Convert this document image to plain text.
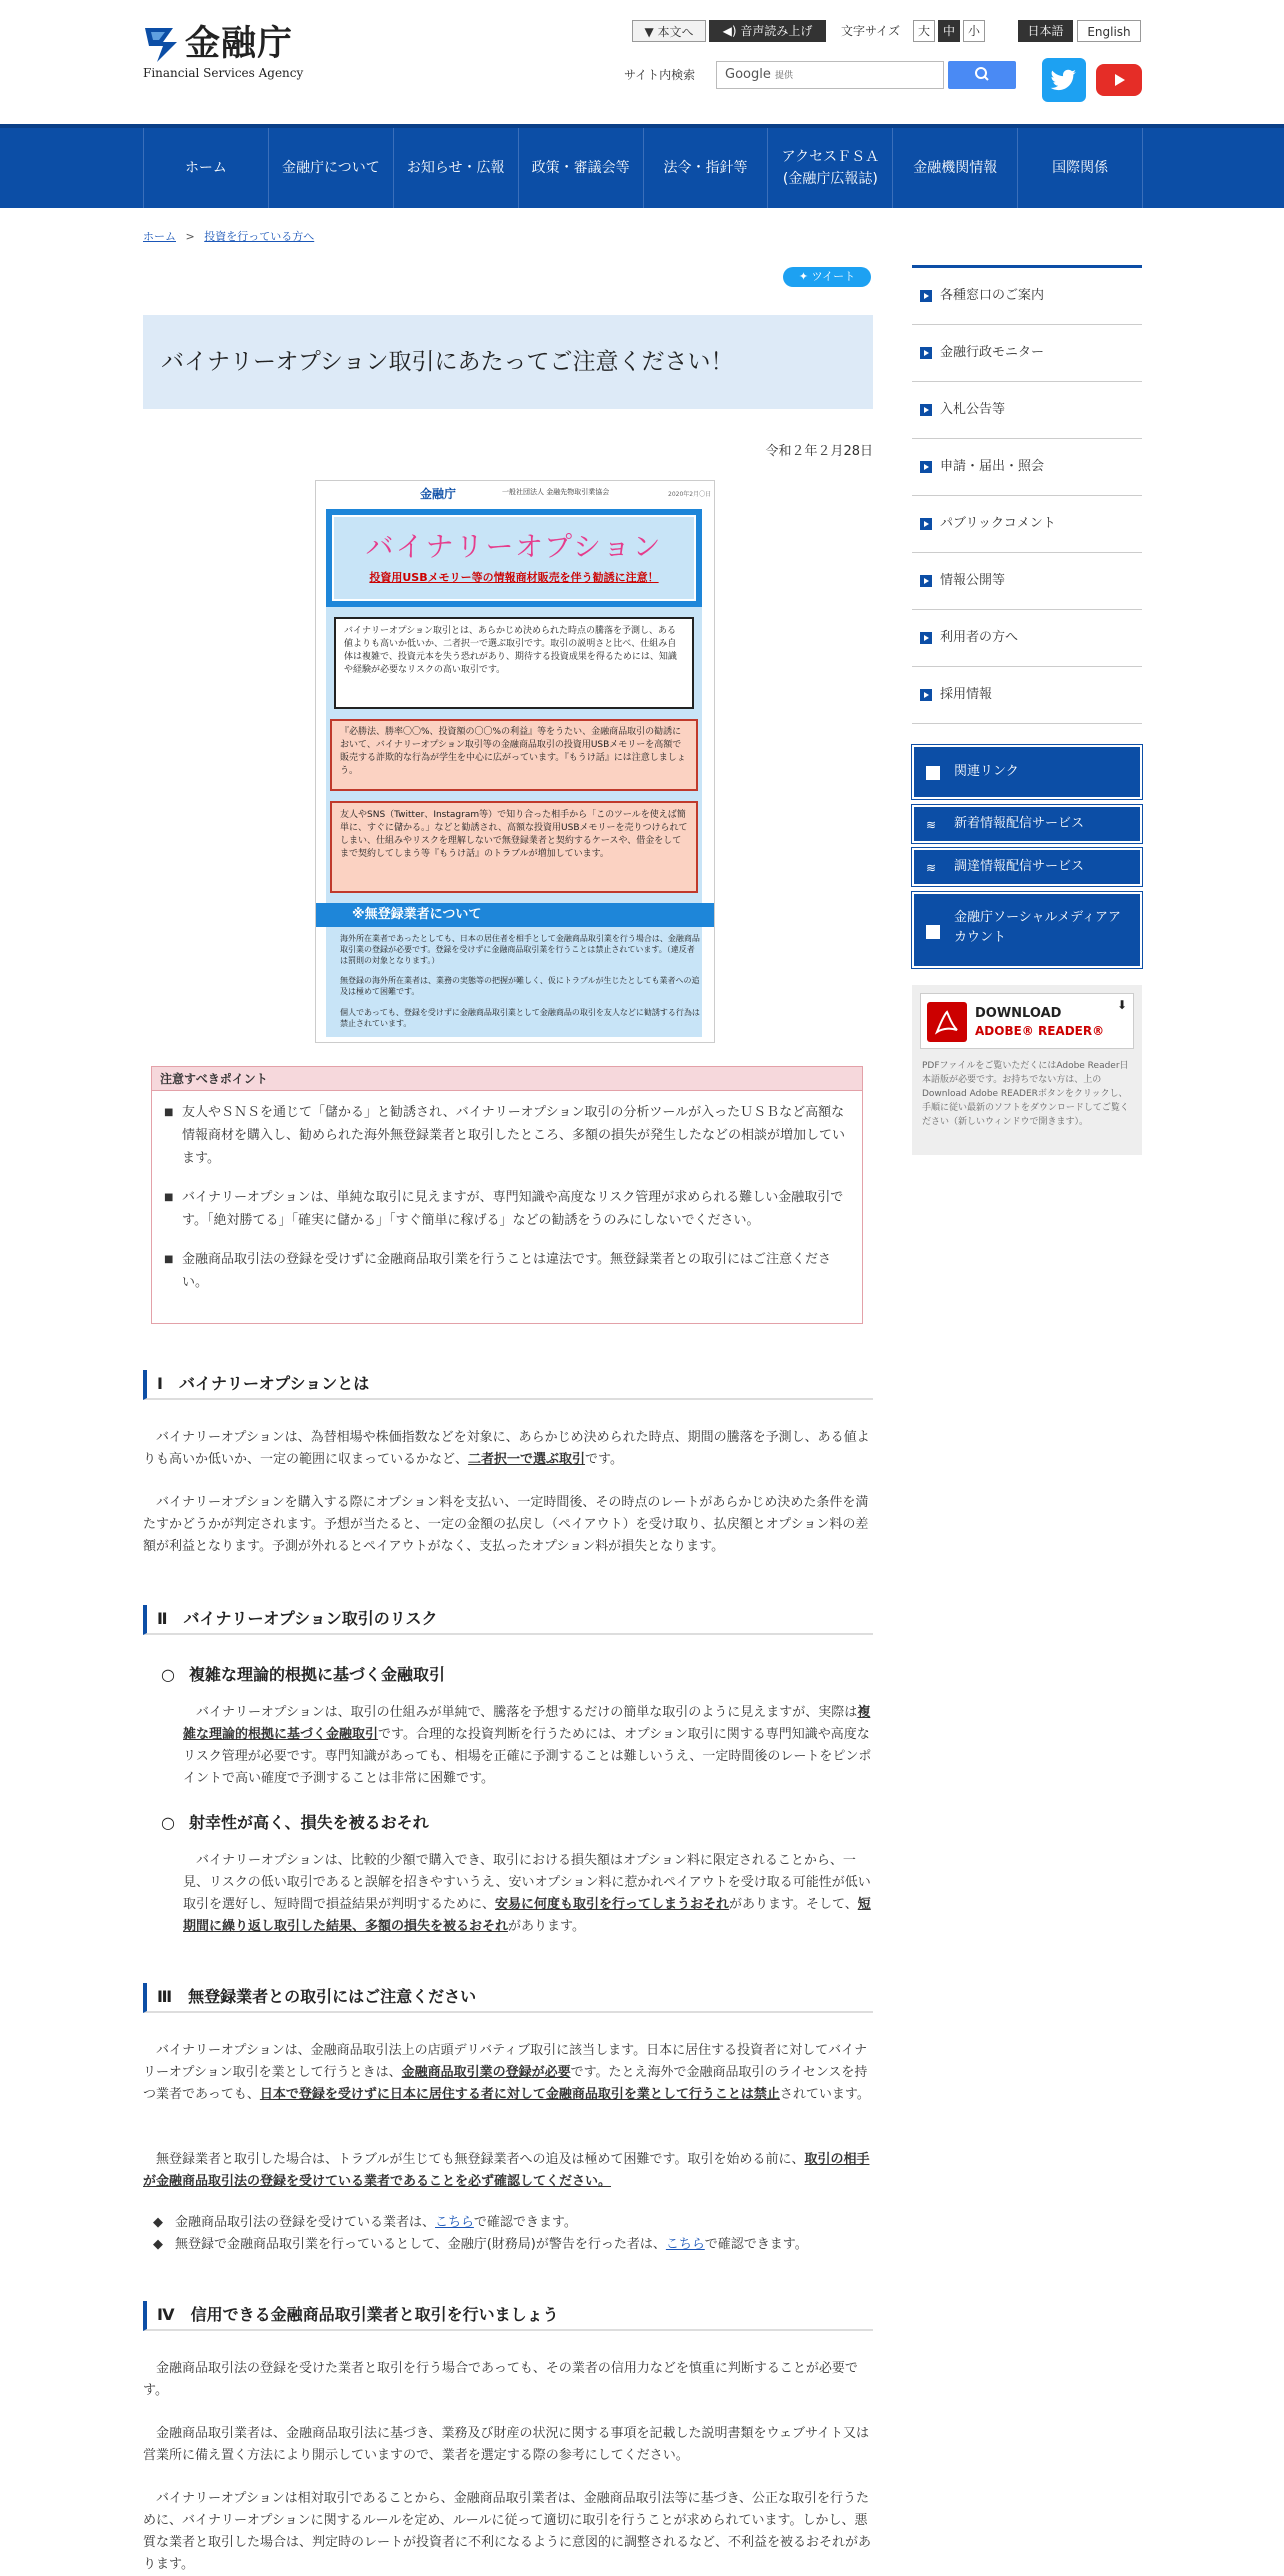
金融庁
Financial Services Agency
▼ 本文へ	◀) 音声読み上げ	文字サイズ	大	中	小	日本語	English
サイト内検索	Google 提供
ホーム	金融庁について	お知らせ・広報	政策・審議会等	法令・指針等
アクセスＦＳＡ
(金融庁広報誌)
金融機関情報	国際関係
ホーム > 投資を行っている方へ
✦ ツイート
バイナリーオプション取引にあたってご注意ください！
令和２年２月28日
金融庁	一般社団法人 金融先物取引業協会	2020年2月〇日
バイナリーオプション
投資用USBメモリー等の情報商材販売を伴う勧誘に注意！
バイナリーオプション取引とは、あらかじめ決められた時点の騰落を予測し、ある値よりも高いか低いか、二者択一で選ぶ取引です。取引の説明さと比べ、仕組み自体は複雑で、投資元本を失う恐れがあり、期待する投資成果を得るためには、知識や経験が必要なリスクの高い取引です。
『必勝法、勝率〇〇%、投資額の〇〇%の利益』等をうたい、金融商品取引の勧誘において、バイナリーオプション取引等の金融商品取引の投資用USBメモリーを高額で販売する詐欺的な行為が学生を中心に広がっています。『もうけ話』には注意しましょう。
友人やSNS（Twitter、Instagram等）で知り合った相手から「このツールを使えば簡単に、すぐに儲かる。」などと勧誘され、高額な投資用USBメモリーを売りつけられてしまい、仕組みやリスクを理解しないで無登録業者と契約するケースや、借金をしてまで契約してしまう等『もうけ話』のトラブルが増加しています。
※無登録業者について
海外所在業者であったとしても、日本の居住者を相手として金融商品取引業を行う場合は、金融商品取引業の登録が必要です。登録を受けずに金融商品取引業を行うことは禁止されています。（違反者は罰則の対象となります。）
無登録の海外所在業者は、業務の実態等の把握が難しく、仮にトラブルが生じたとしても業者への追及は極めて困難です。
個人であっても、登録を受けずに金融商品取引業として金融商品の取引を友人などに勧誘する行為は禁止されています。
注意すべきポイント
■ 友人やＳＮＳを通じて「儲かる」と勧誘され、バイナリーオプション取引の分析ツールが入ったＵＳＢなど高額な情報商材を購入し、勧められた海外無登録業者と取引したところ、多額の損失が発生したなどの相談が増加しています。
■ バイナリーオプションは、単純な取引に見えますが、専門知識や高度なリスク管理が求められる難しい金融取引です。「絶対勝てる」「確実に儲かる」「すぐ簡単に稼げる」などの勧誘をうのみにしないでください。
■ 金融商品取引法の登録を受けずに金融商品取引業を行うことは違法です。無登録業者との取引にはご注意ください。
Ⅰ バイナリーオプションとは

バイナリーオプションは、為替相場や株価指数などを対象に、あらかじめ決められた時点、期間の騰落を予測し、ある値よりも高いか低いか、一定の範囲に収まっているかなど、二者択一で選ぶ取引です。

バイナリーオプションを購入する際にオプション料を支払い、一定時間後、その時点のレートがあらかじめ決めた条件を満たすかどうかが判定されます。予想が当たると、一定の金額の払戻し（ペイアウト）を受け取り、払戻額とオプション料の差額が利益となります。予測が外れるとペイアウトがなく、支払ったオプション料が損失となります。

Ⅱ バイナリーオプション取引のリスク
○ 複雑な理論的根拠に基づく金融取引

バイナリーオプションは、取引の仕組みが単純で、騰落を予想するだけの簡単な取引のように見えますが、実際は複雑な理論的根拠に基づく金融取引です。合理的な投資判断を行うためには、オプション取引に関する専門知識や高度なリスク管理が必要です。専門知識があっても、相場を正確に予測することは難しいうえ、一定時間後のレートをピンポイントで高い確度で予測することは非常に困難です。

○ 射幸性が高く、損失を被るおそれ

バイナリーオプションは、比較的少額で購入でき、取引における損失額はオプション料に限定されることから、一見、リスクの低い取引であると誤解を招きやすいうえ、安いオプション料に惹かれペイアウトを受け取る可能性が低い取引を選好し、短時間で損益結果が判明するために、安易に何度も取引を行ってしまうおそれがあります。そして、短期間に繰り返し取引した結果、多額の損失を被るおそれがあります。

Ⅲ 無登録業者との取引にはご注意ください

バイナリーオプションは、金融商品取引法上の店頭デリバティブ取引に該当します。日本に居住する投資者に対してバイナリーオプション取引を業として行うときは、金融商品取引業の登録が必要です。たとえ海外で金融商品取引のライセンスを持つ業者であっても、日本で登録を受けずに日本に居住する者に対して金融商品取引を業として行うことは禁止されています。

無登録業者と取引した場合は、トラブルが生じても無登録業者への追及は極めて困難です。取引を始める前に、取引の相手が金融商品取引法の登録を受けている業者であることを必ず確認してください。

◆ 金融商品取引法の登録を受けている業者は、こちらで確認できます。
◆ 無登録で金融商品取引業を行っているとして、金融庁(財務局)が警告を行った者は、こちらで確認できます。
Ⅳ 信用できる金融商品取引業者と取引を行いましょう

金融商品取引法の登録を受けた業者と取引を行う場合であっても、その業者の信用力などを慎重に判断することが必要です。

金融商品取引業者は、金融商品取引法に基づき、業務及び財産の状況に関する事項を記載した説明書類をウェブサイト又は営業所に備え置く方法により開示していますので、業者を選定する際の参考にしてください。

バイナリーオプションは相対取引であることから、金融商品取引業者は、金融商品取引法等に基づき、公正な取引を行うために、バイナリーオプションに関するルールを定め、ルールに従って適切に取引を行うことが求められています。しかし、悪質な業者と取引した場合は、判定時のレートが投資者に不利になるように意図的に調整されるなど、不利益を被るおそれがあります。

各種窓口のご案内
金融行政モニター
入札公告等
申請・届出・照会
パブリックコメント
情報公開等
利用者の方へ
採用情報
関連リンク
≋	新着情報配信サービス
≋	調達情報配信サービス
金融庁ソーシャルメディアアカウント
DOWNLOAD
ADOBE® READER®
⬇
PDFファイルをご覧いただくにはAdobe Reader日本語版が必要です。お持ちでない方は、上のDownload Adobe READERボタンをクリックし、手順に従い最新のソフトをダウンロードしてご覧ください（新しいウィンドウで開きます）。
